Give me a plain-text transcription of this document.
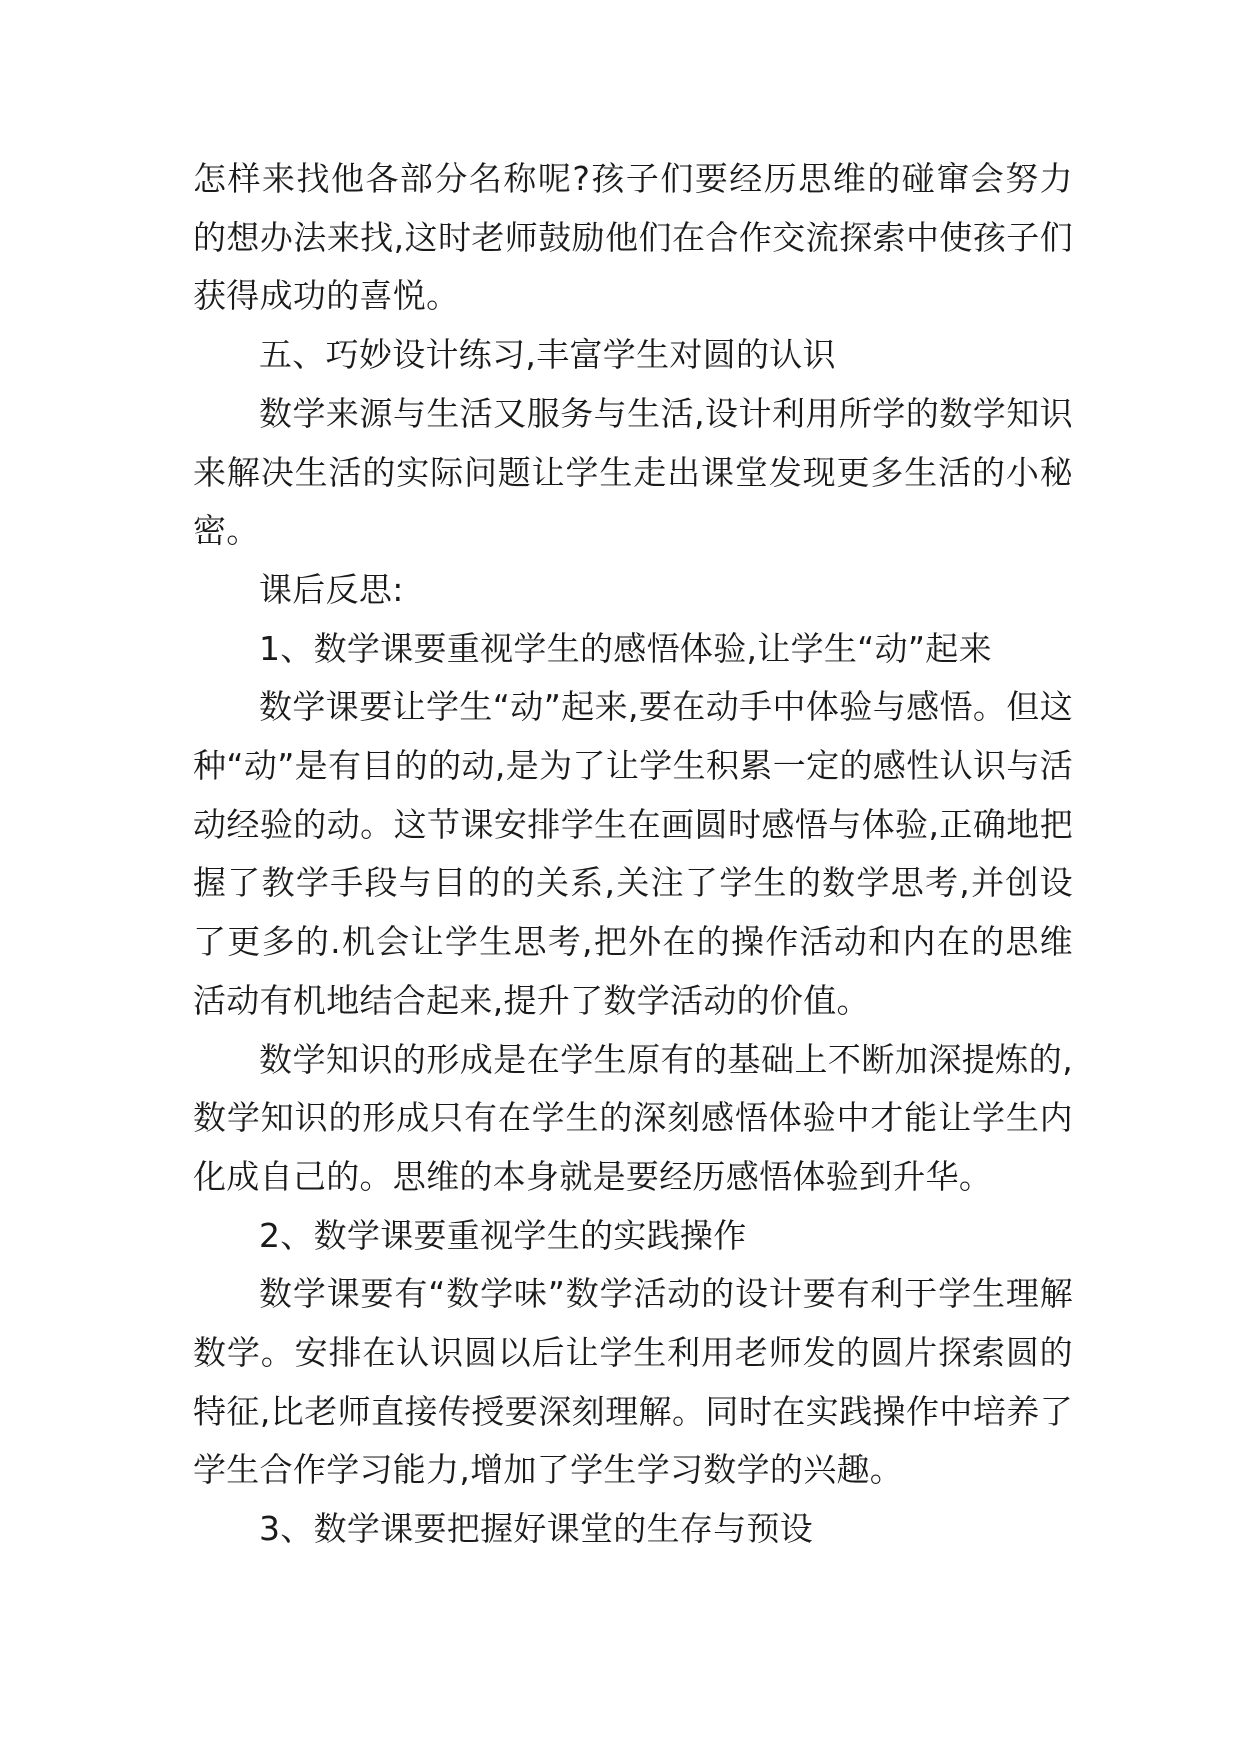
怎样来找他各部分名称呢?孩子们要经历思维的碰窜会努力的想办法来找,这时老师鼓励他们在合作交流探索中使孩子们获得成功的喜悦。

五、巧妙设计练习,丰富学生对圆的认识

数学来源与生活又服务与生活,设计利用所学的数学知识来解决生活的实际问题让学生走出课堂发现更多生活的小秘密。

课后反思:

1、数学课要重视学生的感悟体验,让学生“动”起来

数学课要让学生“动”起来,要在动手中体验与感悟。但这种“动”是有目的的动,是为了让学生积累一定的感性认识与活动经验的动。这节课安排学生在画圆时感悟与体验,正确地把握了教学手段与目的的关系,关注了学生的数学思考,并创设了更多的.机会让学生思考,把外在的操作活动和内在的思维活动有机地结合起来,提升了数学活动的价值。

数学知识的形成是在学生原有的基础上不断加深提炼的,数学知识的形成只有在学生的深刻感悟体验中才能让学生内化成自己的。思维的本身就是要经历感悟体验到升华。

2、数学课要重视学生的实践操作

数学课要有“数学味”数学活动的设计要有利于学生理解数学。安排在认识圆以后让学生利用老师发的圆片探索圆的特征,比老师直接传授要深刻理解。同时在实践操作中培养了学生合作学习能力,增加了学生学习数学的兴趣。

3、数学课要把握好课堂的生存与预设
